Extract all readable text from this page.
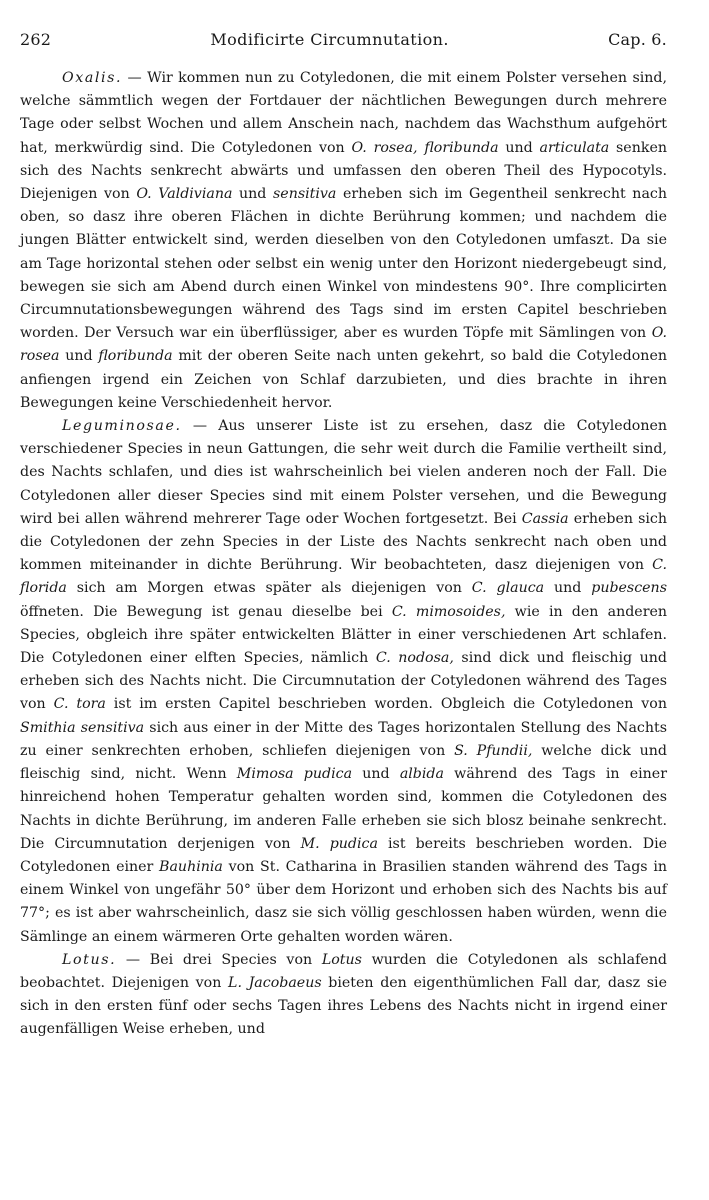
262	Modificirte Circumnutation.	Cap. 6.

Oxalis. — Wir kommen nun zu Cotyledonen, die mit einem Polster versehen sind, welche sämmtlich wegen der Fortdauer der nächtlichen Bewegungen durch mehrere Tage oder selbst Wochen und allem Anschein nach, nachdem das Wachsthum aufgehört hat, merkwürdig sind. Die Cotyledonen von O. rosea, floribunda und articulata senken sich des Nachts senkrecht abwärts und umfassen den oberen Theil des Hypocotyls. Diejenigen von O. Valdiviana und sensitiva erheben sich im Gegentheil senkrecht nach oben, so dasz ihre oberen Flächen in dichte Berührung kommen; und nachdem die jungen Blätter entwickelt sind, werden dieselben von den Cotyledonen umfaszt. Da sie am Tage horizontal stehen oder selbst ein wenig unter den Horizont niedergebeugt sind, bewegen sie sich am Abend durch einen Winkel von mindestens 90°. Ihre complicirten Circumnutationsbewegungen während des Tags sind im ersten Capitel beschrieben worden. Der Versuch war ein überflüssiger, aber es wurden Töpfe mit Sämlingen von O. rosea und floribunda mit der oberen Seite nach unten gekehrt, so bald die Cotyledonen anfiengen irgend ein Zeichen von Schlaf darzubieten, und dies brachte in ihren Bewegungen keine Verschiedenheit hervor.

Leguminosae. — Aus unserer Liste ist zu ersehen, dasz die Cotyledonen verschiedener Species in neun Gattungen, die sehr weit durch die Familie vertheilt sind, des Nachts schlafen, und dies ist wahrscheinlich bei vielen anderen noch der Fall. Die Cotyledonen aller dieser Species sind mit einem Polster versehen, und die Bewegung wird bei allen während mehrerer Tage oder Wochen fortgesetzt. Bei Cassia erheben sich die Cotyledonen der zehn Species in der Liste des Nachts senkrecht nach oben und kommen miteinander in dichte Berührung. Wir beobachteten, dasz diejenigen von C. florida sich am Morgen etwas später als diejenigen von C. glauca und pubescens öffneten. Die Bewegung ist genau dieselbe bei C. mimosoides, wie in den anderen Species, obgleich ihre später entwickelten Blätter in einer verschiedenen Art schlafen. Die Cotyledonen einer elften Species, nämlich C. nodosa, sind dick und fleischig und erheben sich des Nachts nicht. Die Circumnutation der Cotyledonen während des Tages von C. tora ist im ersten Capitel beschrieben worden. Obgleich die Cotyledonen von Smithia sensitiva sich aus einer in der Mitte des Tages horizontalen Stellung des Nachts zu einer senkrechten erhoben, schliefen diejenigen von S. Pfundii, welche dick und fleischig sind, nicht. Wenn Mimosa pudica und albida während des Tags in einer hinreichend hohen Temperatur gehalten worden sind, kommen die Cotyledonen des Nachts in dichte Berührung, im anderen Falle erheben sie sich blosz beinahe senkrecht. Die Circumnutation derjenigen von M. pudica ist bereits beschrieben worden. Die Cotyledonen einer Bauhinia von St. Catharina in Brasilien standen während des Tags in einem Winkel von ungefähr 50° über dem Horizont und erhoben sich des Nachts bis auf 77°; es ist aber wahrscheinlich, dasz sie sich völlig geschlossen haben würden, wenn die Sämlinge an einem wärmeren Orte gehalten worden wären.

Lotus. — Bei drei Species von Lotus wurden die Cotyledonen als schlafend beobachtet. Diejenigen von L. Jacobaeus bieten den eigenthümlichen Fall dar, dasz sie sich in den ersten fünf oder sechs Tagen ihres Lebens des Nachts nicht in irgend einer augenfälligen Weise erheben, und
